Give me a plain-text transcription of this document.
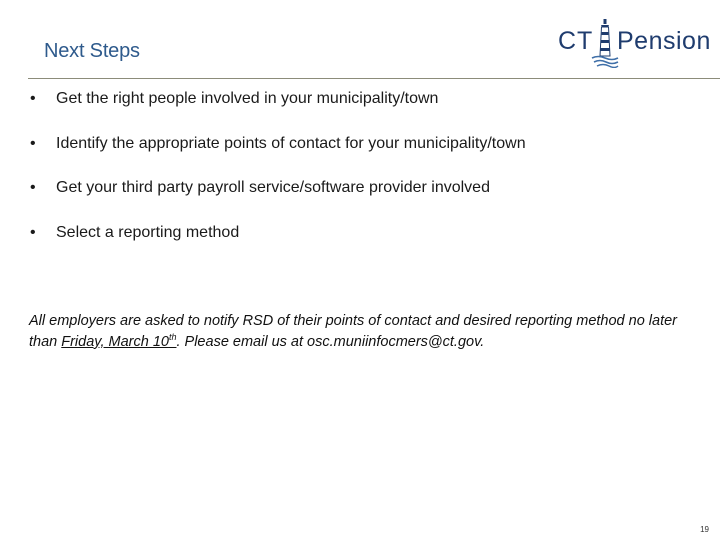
Next Steps	CT Pension
•	Get the right people involved in your municipality/town
•	Identify the appropriate points of contact for your municipality/town
•	Get your third party payroll service/software provider involved
•	Select a reporting method
All employers are asked to notify RSD of their points of contact and desired reporting method no later than Friday, March 10th. Please email us at osc.muniinfocmers@ct.gov.
19
